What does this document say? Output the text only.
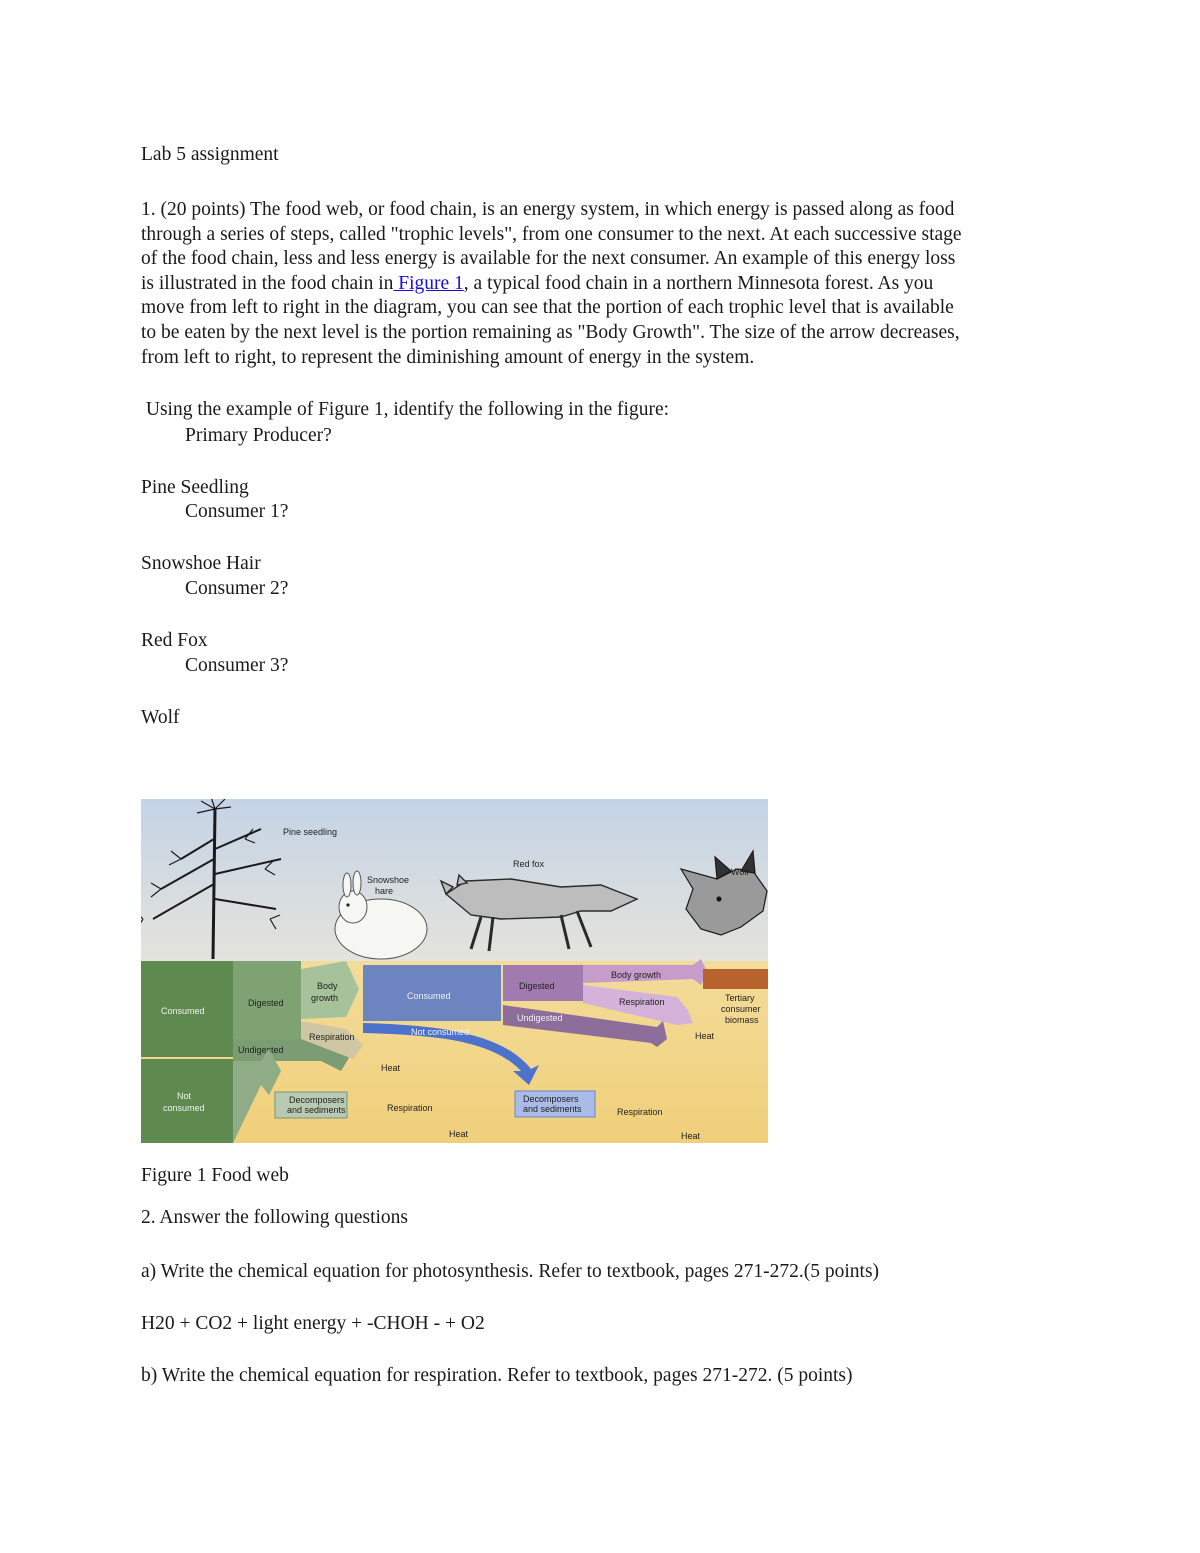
Lab 5 assignment
1. (20 points) The food web, or food chain, is an energy system, in which energy is passed along as food
through a series of steps, called "trophic levels", from one consumer to the next. At each successive stage
of the food chain, less and less energy is available for the next consumer. An example of this energy loss
is illustrated in the food chain in Figure 1, a typical food chain in a northern Minnesota forest. As you
move from left to right in the diagram, you can see that the portion of each trophic level that is available
to be eaten by the next level is the portion remaining as "Body Growth". The size of the arrow decreases,
from left to right, to represent the diminishing amount of energy in the system.
Using the example of Figure 1, identify the following in the figure:
Primary Producer?
Pine Seedling
Consumer 1?
Snowshoe Hair
Consumer 2?
Red Fox
Consumer 3?
Wolf
Pine seedling
Snowshoe
hare
Red fox
Wolf
Consumed
Not
consumed
Digested
Body
growth
Undigested
Respiration
Heat
Decomposers
and sediments	Respiration
Heat
Consumed
Not consumed
Decomposers
and sediments	Respiration
Heat
Digested
Body growth
Respiration
Undigested
Heat
Tertiary
consumer
biomass
Figure 1 Food web
2. Answer the following questions
a) Write the chemical equation for photosynthesis. Refer to textbook, pages 271-272.(5 points)
H20 + CO2 + light energy + -CHOH - + O2
b) Write the chemical equation for respiration. Refer to textbook, pages 271-272. (5 points)
